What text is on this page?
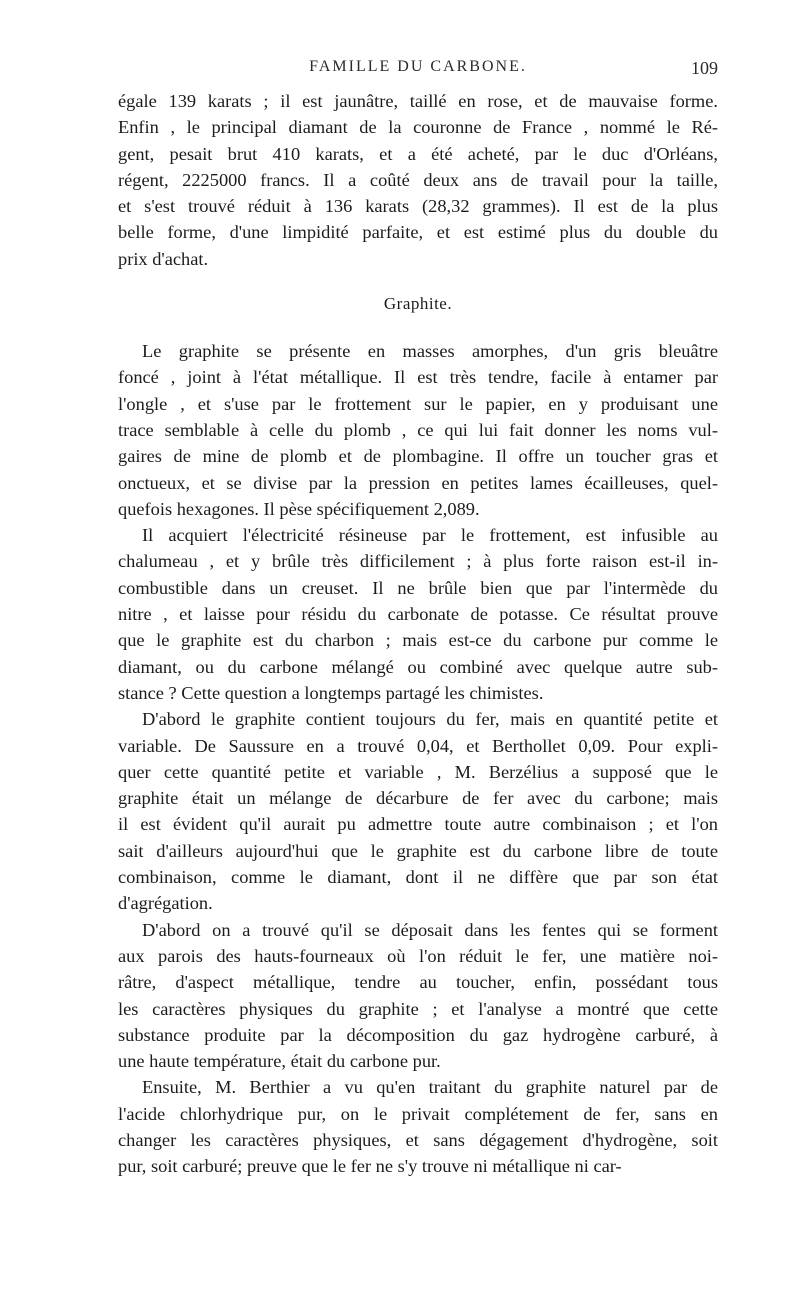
FAMILLE DU CARBONE.	109
égale 139 karats ; il est jaunâtre, taillé en rose, et de mauvaise forme.
Enfin , le principal diamant de la couronne de France , nommé le Ré-
gent, pesait brut 410 karats, et a été acheté, par le duc d'Orléans,
régent, 2225000 francs. Il a coûté deux ans de travail pour la taille,
et s'est trouvé réduit à 136 karats (28,32 grammes). Il est de la plus
belle forme, d'une limpidité parfaite, et est estimé plus du double du
prix d'achat.
Graphite.
Le graphite se présente en masses amorphes, d'un gris bleuâtre
foncé , joint à l'état métallique. Il est très tendre, facile à entamer par
l'ongle , et s'use par le frottement sur le papier, en y produisant une
trace semblable à celle du plomb , ce qui lui fait donner les noms vul-
gaires de mine de plomb et de plombagine. Il offre un toucher gras et
onctueux, et se divise par la pression en petites lames écailleuses, quel-
quefois hexagones. Il pèse spécifiquement 2,089.
Il acquiert l'électricité résineuse par le frottement, est infusible au
chalumeau , et y brûle très difficilement ; à plus forte raison est-il in-
combustible dans un creuset. Il ne brûle bien que par l'intermède du
nitre , et laisse pour résidu du carbonate de potasse. Ce résultat prouve
que le graphite est du charbon ; mais est-ce du carbone pur comme le
diamant, ou du carbone mélangé ou combiné avec quelque autre sub-
stance ? Cette question a longtemps partagé les chimistes.
D'abord le graphite contient toujours du fer, mais en quantité petite et
variable. De Saussure en a trouvé 0,04, et Berthollet 0,09. Pour expli-
quer cette quantité petite et variable , M. Berzélius a supposé que le
graphite était un mélange de décarbure de fer avec du carbone; mais
il est évident qu'il aurait pu admettre toute autre combinaison ; et l'on
sait d'ailleurs aujourd'hui que le graphite est du carbone libre de toute
combinaison, comme le diamant, dont il ne diffère que par son état
d'agrégation.
D'abord on a trouvé qu'il se déposait dans les fentes qui se forment
aux parois des hauts-fourneaux où l'on réduit le fer, une matière noi-
râtre, d'aspect métallique, tendre au toucher, enfin, possédant tous
les caractères physiques du graphite ; et l'analyse a montré que cette
substance produite par la décomposition du gaz hydrogène carburé, à
une haute température, était du carbone pur.
Ensuite, M. Berthier a vu qu'en traitant du graphite naturel par de
l'acide chlorhydrique pur, on le privait complétement de fer, sans en
changer les caractères physiques, et sans dégagement d'hydrogène, soit
pur, soit carburé; preuve que le fer ne s'y trouve ni métallique ni car-
